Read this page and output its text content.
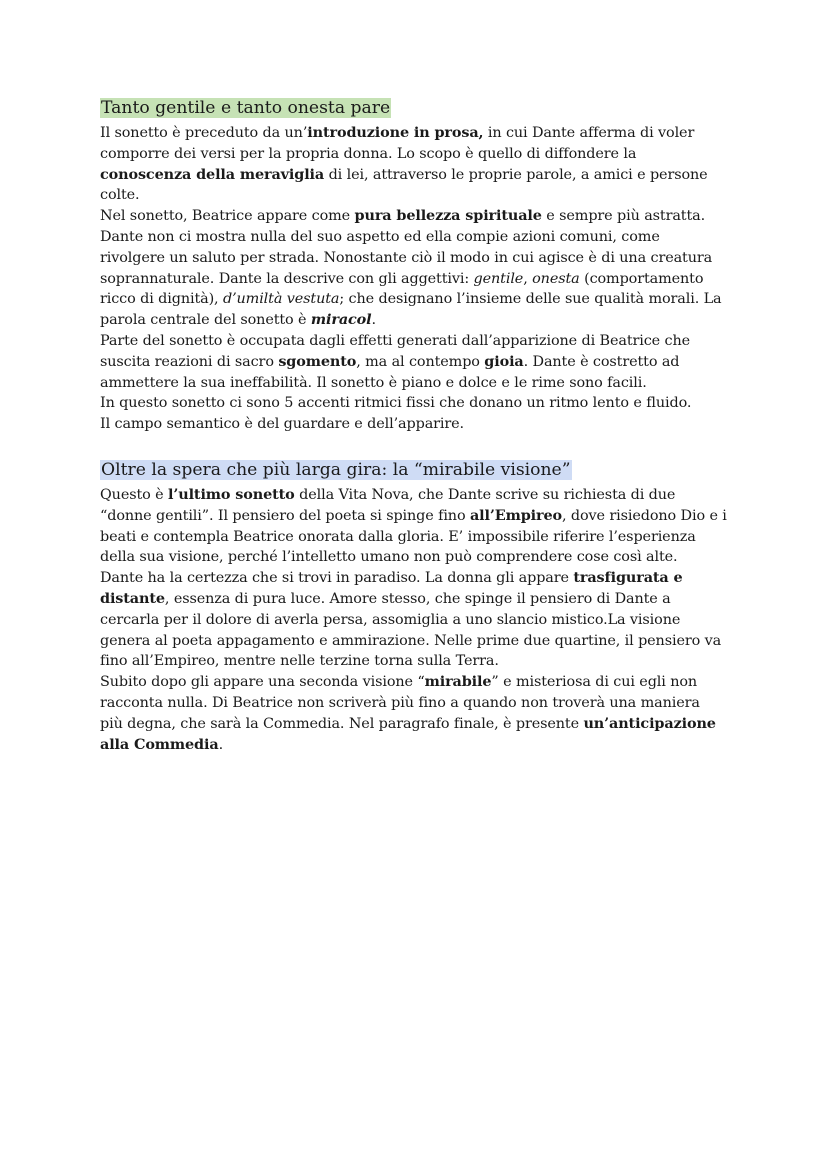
Tanto gentile e tanto onesta pare
Il sonetto è preceduto da un’introduzione in prosa, in cui Dante afferma di voler
comporre dei versi per la propria donna. Lo scopo è quello di diffondere la
conoscenza della meraviglia di lei, attraverso le proprie parole, a amici e persone
colte.
Nel sonetto, Beatrice appare come pura bellezza spirituale e sempre più astratta.
Dante non ci mostra nulla del suo aspetto ed ella compie azioni comuni, come
rivolgere un saluto per strada. Nonostante ciò il modo in cui agisce è di una creatura
soprannaturale. Dante la descrive con gli aggettivi: gentile, onesta (comportamento
ricco di dignità), d’umiltà vestuta; che designano l’insieme delle sue qualità morali. La
parola centrale del sonetto è miracol.
Parte del sonetto è occupata dagli effetti generati dall’apparizione di Beatrice che
suscita reazioni di sacro sgomento, ma al contempo gioia. Dante è costretto ad
ammettere la sua ineffabilità. Il sonetto è piano e dolce e le rime sono facili.
In questo sonetto ci sono 5 accenti ritmici fissi che donano un ritmo lento e fluido.
Il campo semantico è del guardare e dell’apparire.
Oltre la spera che più larga gira: la “mirabile visione”
Questo è l’ultimo sonetto della Vita Nova, che Dante scrive su richiesta di due
“donne gentili”. Il pensiero del poeta si spinge fino all’Empireo, dove risiedono Dio e i
beati e contempla Beatrice onorata dalla gloria. E’ impossibile riferire l’esperienza
della sua visione, perché l’intelletto umano non può comprendere cose così alte.
Dante ha la certezza che si trovi in paradiso. La donna gli appare trasfigurata e
distante, essenza di pura luce. Amore stesso, che spinge il pensiero di Dante a
cercarla per il dolore di averla persa, assomiglia a uno slancio mistico.La visione
genera al poeta appagamento e ammirazione. Nelle prime due quartine, il pensiero va
fino all’Empireo, mentre nelle terzine torna sulla Terra.
Subito dopo gli appare una seconda visione “mirabile” e misteriosa di cui egli non
racconta nulla. Di Beatrice non scriverà più fino a quando non troverà una maniera
più degna, che sarà la Commedia. Nel paragrafo finale, è presente un’anticipazione
alla Commedia.
